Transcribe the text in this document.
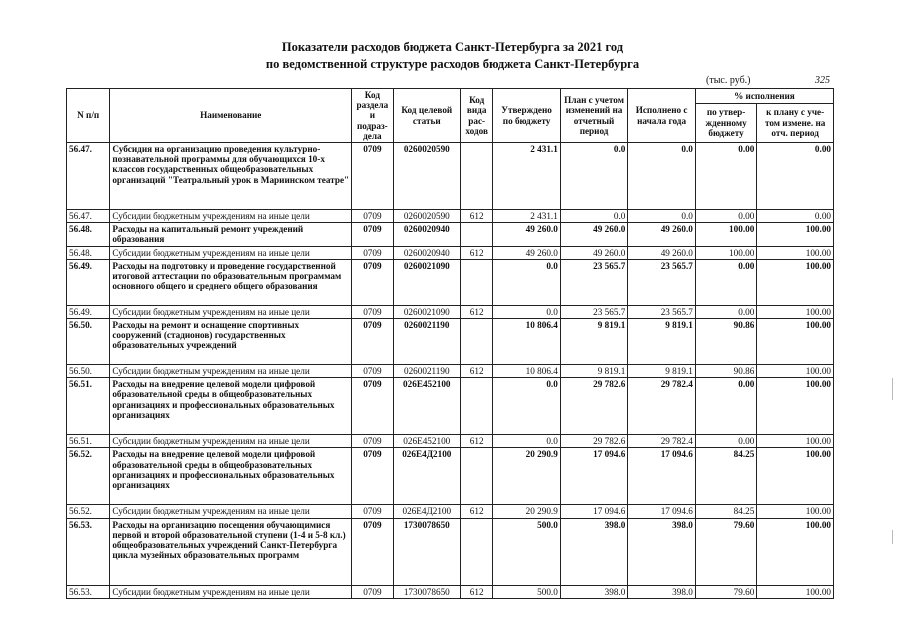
Показатели расходов бюджета Санкт-Петербурга за 2021 год
по ведомственной структуре расходов бюджета Санкт-Петербурга
(тыс. руб.)	325
N п/п	Наименование	Код раздела и подраз-дела	Код целевой статьи	Код вида рас-ходов	Утверждено по бюджету	План с учетом изменений на отчетный период	Исполнено с начала года	% исполнения	
								по утвер-жденному бюджету	к плану с уче-том измене. на отч. период
56.47.	Субсидия на организацию проведения культурно-познавательной программы для обучающихся 10-х классов государственных общеобразовательных организаций "Театральный урок в Мариинском театре"	0709	0260020590		2 431.1	0.0	0.0	0.00	0.00
56.47.	Субсидии бюджетным учреждениям на иные цели	0709	0260020590	612	2 431.1	0.0	0.0	0.00	0.00
56.48.	Расходы на капитальный ремонт учреждений образования	0709	0260020940		49 260.0	49 260.0	49 260.0	100.00	100.00
56.48.	Субсидии бюджетным учреждениям на иные цели	0709	0260020940	612	49 260.0	49 260.0	49 260.0	100.00	100.00
56.49.	Расходы на подготовку и проведение государственной итоговой аттестации по образовательным программам основного общего и среднего общего образования	0709	0260021090		0.0	23 565.7	23 565.7	0.00	100.00
56.49.	Субсидии бюджетным учреждениям на иные цели	0709	0260021090	612	0.0	23 565.7	23 565.7	0.00	100.00
56.50.	Расходы на ремонт и оснащение спортивных сооружений (стадионов) государственных образовательных учреждений	0709	0260021190		10 806.4	9 819.1	9 819.1	90.86	100.00
56.50.	Субсидии бюджетным учреждениям на иные цели	0709	0260021190	612	10 806.4	9 819.1	9 819.1	90.86	100.00
56.51.	Расходы на внедрение целевой модели цифровой образовательной среды в общеобразовательных организациях и профессиональных образовательных организациях	0709	026Е452100		0.0	29 782.6	29 782.4	0.00	100.00
56.51.	Субсидии бюджетным учреждениям на иные цели	0709	026Е452100	612	0.0	29 782.6	29 782.4	0.00	100.00
56.52.	Расходы на внедрение целевой модели цифровой образовательной среды в общеобразовательных организациях и профессиональных образовательных организациях	0709	026Е4Д2100		20 290.9	17 094.6	17 094.6	84.25	100.00
56.52.	Субсидии бюджетным учреждениям на иные цели	0709	026Е4Д2100	612	20 290.9	17 094.6	17 094.6	84.25	100.00
56.53.	Расходы на организацию посещения обучающимися первой и второй образовательной ступени (1-4 и 5-8 кл.) общеобразовательных учреждений Санкт-Петербурга цикла музейных образовательных программ	0709	1730078650		500.0	398.0	398.0	79.60	100.00
56.53.	Субсидии бюджетным учреждениям на иные цели	0709	1730078650	612	500.0	398.0	398.0	79.60	100.00
